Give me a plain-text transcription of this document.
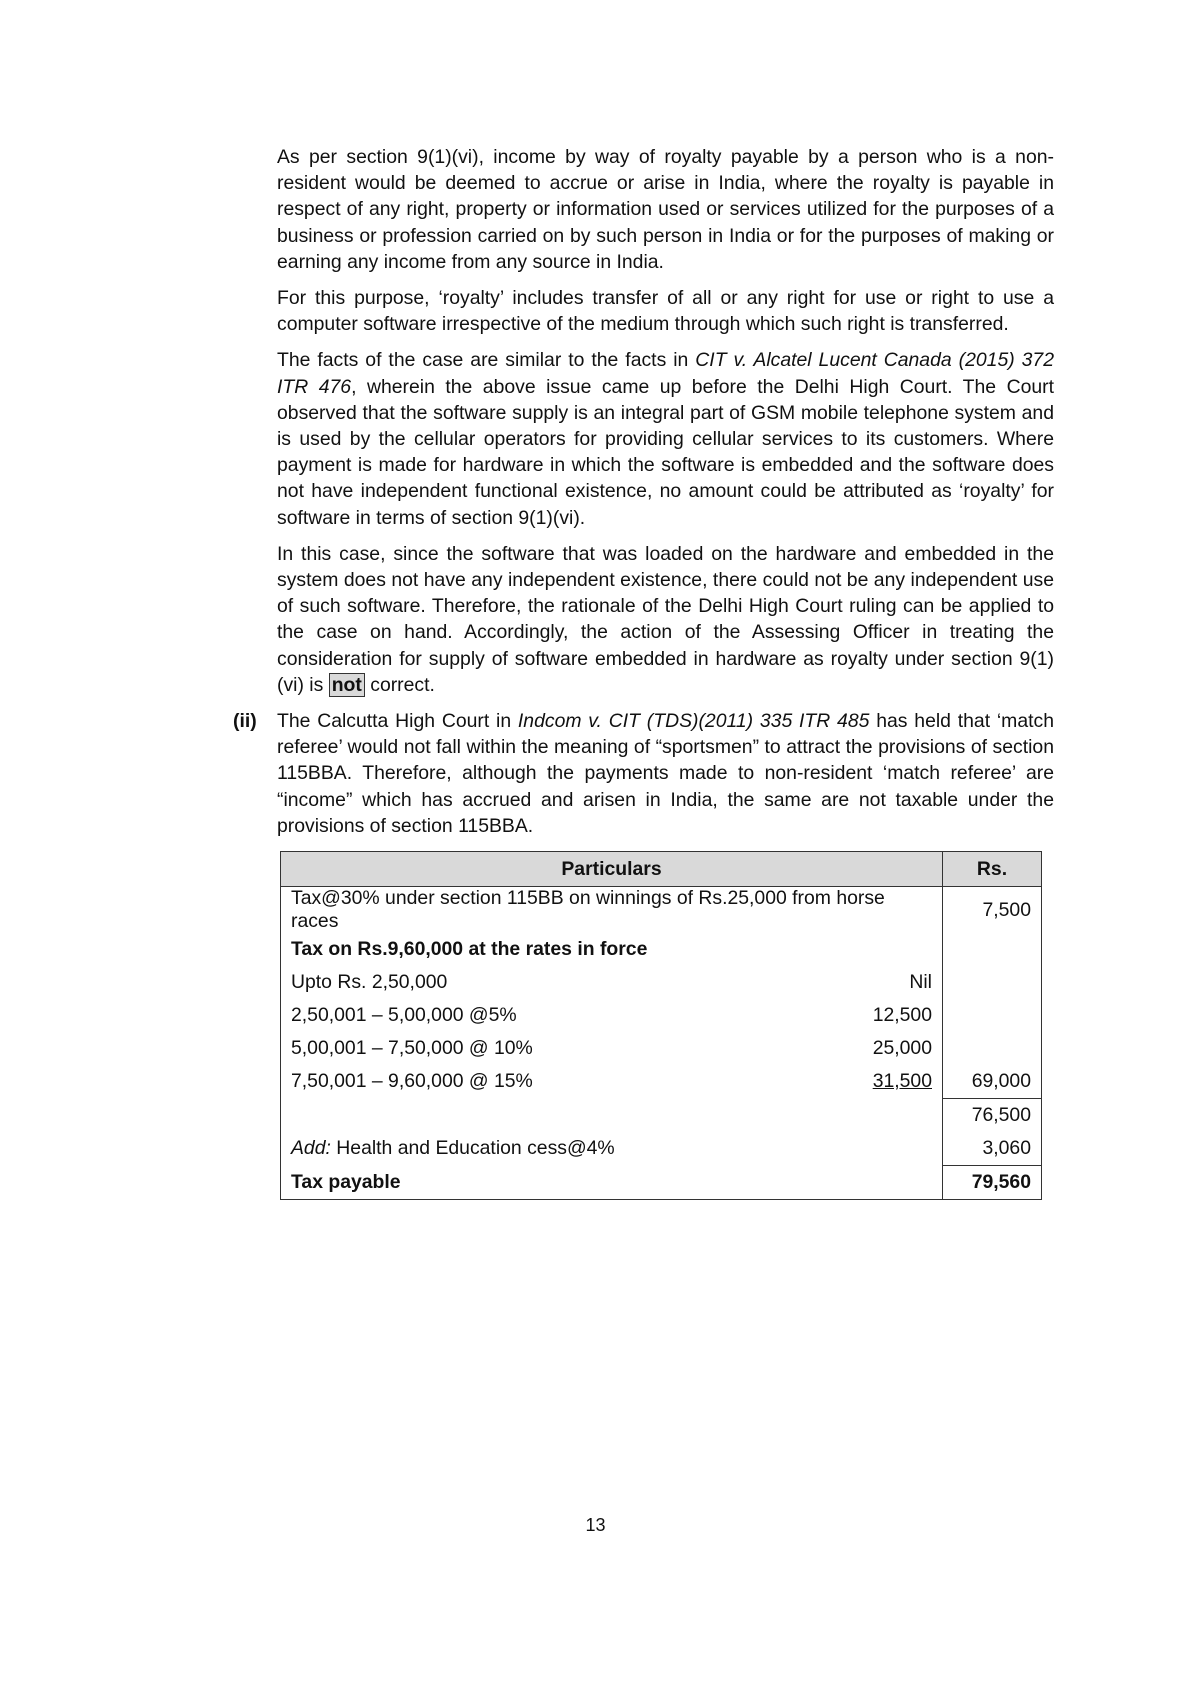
As per section 9(1)(vi), income by way of royalty payable by a person who is a non-resident would be deemed to accrue or arise in India, where the royalty is payable in respect of any right, property or information used or services utilized for the purposes of a business or profession carried on by such person in India or for the purposes of making or earning any income from any source in India.

For this purpose, ‘royalty’ includes transfer of all or any right for use or right to use a computer software irrespective of the medium through which such right is transferred.

The facts of the case are similar to the facts in CIT v. Alcatel Lucent Canada (2015) 372 ITR 476, wherein the above issue came up before the Delhi High Court. The Court observed that the software supply is an integral part of GSM mobile telephone system and is used by the cellular operators for providing cellular services to its customers. Where payment is made for hardware in which the software is embedded and the software does not have independent functional existence, no amount could be attributed as ‘royalty’ for software in terms of section 9(1)(vi).

In this case, since the software that was loaded on the hardware and embedded in the system does not have any independent existence, there could not be any independent use of such software. Therefore, the rationale of the Delhi High Court ruling can be applied to the case on hand. Accordingly, the action of the Assessing Officer in treating the consideration for supply of software embedded in hardware as royalty under section 9(1)(vi) is not correct.

(ii) The Calcutta High Court in Indcom v. CIT (TDS)(2011) 335 ITR 485 has held that ‘match referee’ would not fall within the meaning of “sportsmen” to attract the provisions of section 115BBA. Therefore, although the payments made to non-resident ‘match referee’ are “income” which has accrued and arisen in India, the same are not taxable under the provisions of section 115BBA.

Particulars	Rs.
Tax@30% under section 115BB on winnings of Rs.25,000 from horse races	7,500
Tax on Rs.9,60,000 at the rates in force	

Upto Rs. 2,50,000 Nil	

2,50,001 – 5,00,000 @5% 12,500	

5,00,001 – 7,50,000 @ 10% 25,000	

7,50,001 – 9,60,000 @ 15% 31,500	69,000
	76,500
Add: Health and Education cess@4%	3,060
Tax payable	79,560
13
